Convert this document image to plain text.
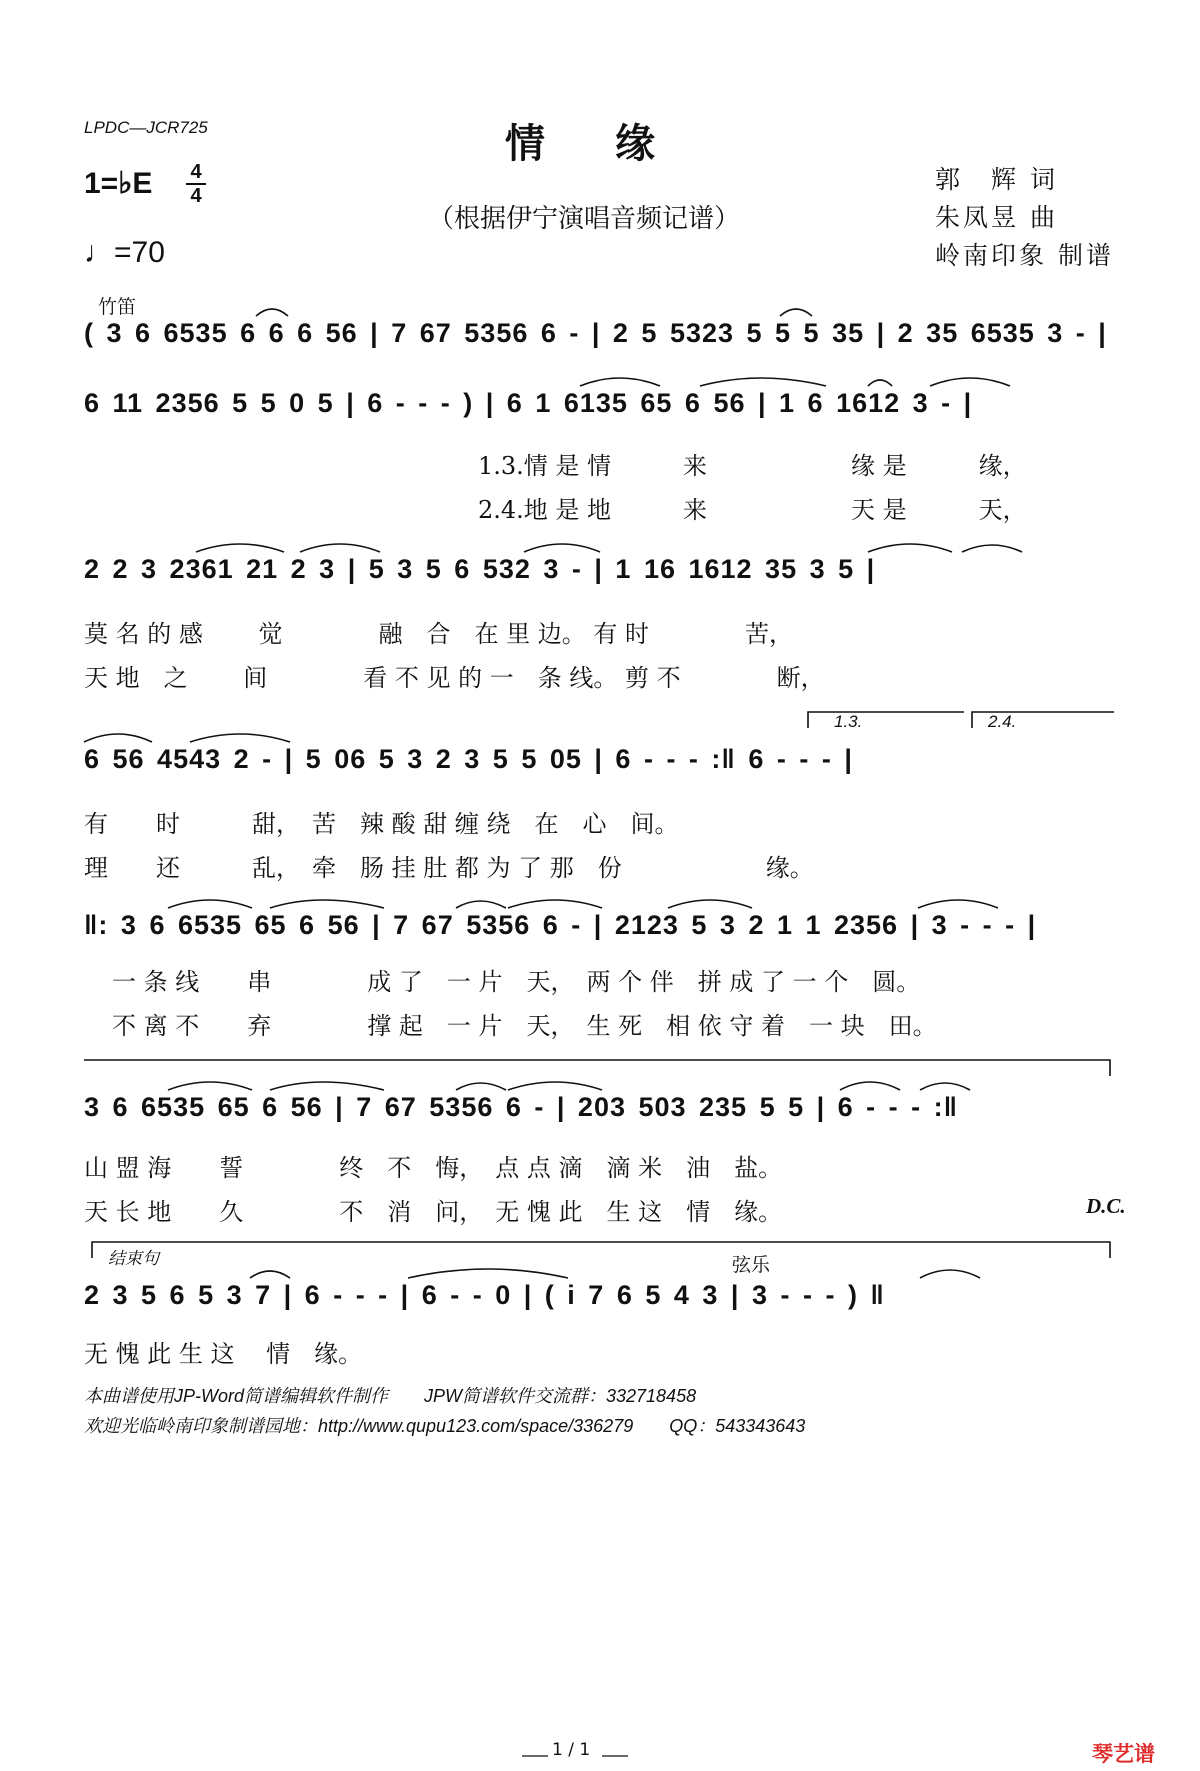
LPDC—JCR725	情缘
（根据伊宁演唱音频记谱）
郭　辉 词
朱凤昱 曲
岭南印象 制谱
1=♭E 4
4
♩=70
竹笛
( 3 6 6535 6 6 6 56 | 7 67 5356 6 - | 2 5 5323 5 5 5 35 | 2 35 6535 3 - |
6 11 2356 5 5 0 5 | 6 - - - ) | 6 1 6135 65 6 56 | 1 6 1612 3 - |
1.3.情 是 情　　　来　　　　　　缘 是　　　缘，
2.4.地 是 地　　　来　　　　　　天 是　　　天，
2 2 3 2361 21 2 3 | 5 3 5 6 532 3 - | 1 16 1612 35 3 5 |
莫 名 的 感　　 觉　　　　融　合　在 里 边。 有 时　　　　苦，
天 地　之　　 间　　　　看 不 见 的 一　条 线。 剪 不　　　　断，
1.3.	2.4.
6 56 4543 2 - | 5 06 5 3 2 3 5 5 05 | 6 - - - :‖ 6 - - - |
有　　时　　　甜，　苦　辣 酸 甜 缠 绕　在　心　间。
理　　还　　　乱，　牵　肠 挂 肚 都 为 了 那　份　　　　　　缘。
‖: 3 6 6535 65 6 56 | 7 67 5356 6 - | 2123 5 3 2 1 1 2356 | 3 - - - |
一 条 线　　串　　　　成 了　一 片　天，　两 个 伴　拼 成 了 一 个　圆。
不 离 不　　弃　　　　撑 起　一 片　天，　生 死　相 依 守 着　一 块　田。
3 6 6535 65 6 56 | 7 67 5356 6 - | 203 503 235 5 5 | 6 - - - :‖
山 盟 海　　誓　　　　终　不　悔，　点 点 滴　滴 米　油　盐。
天 长 地　　久　　　　不　消　问，　无 愧 此　生 这　情　缘。	D.C.
结束句	弦乐
2 3 5 6 5 3 7 | 6 - - - | 6 - - 0 | ( i 7 6 5 4 3 | 3 - - - ) ‖
无 愧 此 生 这　 情　缘。
本曲谱使用JP-Word简谱编辑软件制作　　JPW简谱软件交流群：332718458
欢迎光临岭南印象制谱园地：http://www.qupu123.com/space/336279　　QQ：543343643
1 / 1	琴艺谱
